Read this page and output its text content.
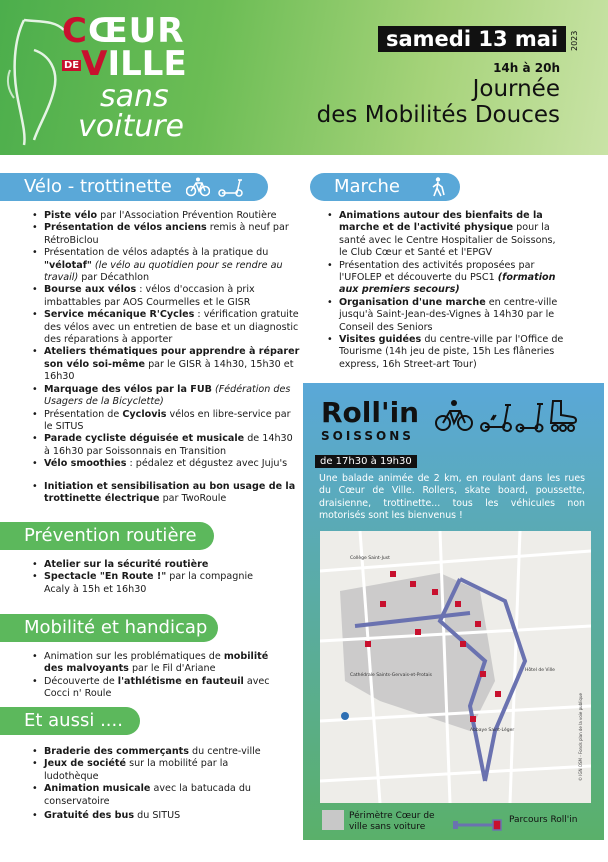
CŒUR
DEVILLE
sans
voiture
samedi 13 mai	2023
14h à 20h
Journée
des Mobilités Douces
Vélo - trottinette
• Piste vélo par l'Association Prévention Routière
• Présentation de vélos anciens remis à neuf par RétroBiclou
• Présentation de vélos adaptés à la pratique du "vélotaf" (le vélo au quotidien pour se rendre au travail) par Décathlon
• Bourse aux vélos : vélos d'occasion à prix imbattables par AOS Courmelles et le GISR
• Service mécanique R'Cycles : vérification gratuite des vélos avec un entretien de base et un diagnostic des réparations à apporter
• Ateliers thématiques pour apprendre à réparer son vélo soi-même par le GISR à 14h30, 15h30 et 16h30
• Marquage des vélos par la FUB (Fédération des Usagers de la Bicyclette)
• Présentation de Cyclovis vélos en libre-service par le SITUS
• Parade cycliste déguisée et musicale de 14h30 à 16h30 par Soissonnais en Transition
• Vélo smoothies : pédalez et dégustez avec Juju's
• Initiation et sensibilisation au bon usage de la trottinette électrique par TwoRoule
Prévention routière
• Atelier sur la sécurité routière
• Spectacle "En Route !" par la compagnie Acaly à 15h et 16h30
Mobilité et handicap
• Animation sur les problématiques de mobilité des malvoyants par le Fil d'Ariane
• Découverte de l'athlétisme en fauteuil avec Cocci n' Roule
Et aussi ....
• Braderie des commerçants du centre-ville
• Jeux de société sur la mobilité par la ludothèque
• Animation musicale avec la batucada du conservatoire
• Gratuité des bus du SITUS
Marche
• Animations autour des bienfaits de la marche et de l'activité physique pour la santé avec le Centre Hospitalier de Soissons, le Club Cœur et Santé et l'EPGV
• Présentation des activités proposées par l'UFOLEP et découverte du PSC1 (formation aux premiers secours)
• Organisation d'une marche en centre-ville jusqu'à Saint-Jean-des-Vignes à 14h30 par le Conseil des Seniors
• Visites guidées du centre-ville par l'Office de Tourisme (14h jeu de piste, 15h Les flâneries express, 16h Street-art Tour)
Roll'in
SOISSONS
de 17h30 à 19h30
Une balade animée de 2 km, en roulant dans les rues du Cœur de Ville. Rollers, skate board, poussette, draisienne, trottinette... tous les véhicules non motorisés sont les bienvenus !
Collège Saint-Just
Cathédrale Saints-Gervais-et-Protais
Hôtel de Ville
Abbaye Saint-Léger	© IGN OSM - Fonds plan de la voie publique
Périmètre Cœur de ville sans voiture
Parcours Roll'in
